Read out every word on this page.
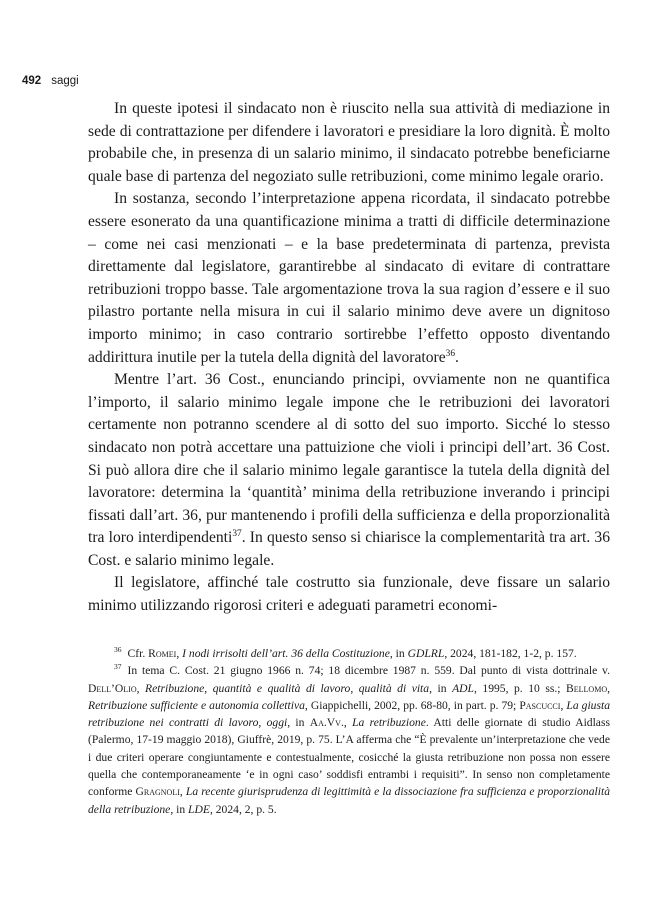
492 saggi

In queste ipotesi il sindacato non è riuscito nella sua attività di mediazione in sede di contrattazione per difendere i lavoratori e presidiare la loro dignità. È molto probabile che, in presenza di un salario minimo, il sindacato potrebbe beneficiarne quale base di partenza del negoziato sulle retribuzioni, come minimo legale orario.

In sostanza, secondo l’interpretazione appena ricordata, il sindacato potrebbe essere esonerato da una quantificazione minima a tratti di difficile determinazione – come nei casi menzionati – e la base predeterminata di partenza, prevista direttamente dal legislatore, garantirebbe al sindacato di evitare di contrattare retribuzioni troppo basse. Tale argomentazione trova la sua ragion d’essere e il suo pilastro portante nella misura in cui il salario minimo deve avere un dignitoso importo minimo; in caso contrario sortirebbe l’effetto opposto diventando addirittura inutile per la tutela della dignità del lavoratore$^{36}$.

Mentre l’art. 36 Cost., enunciando principi, ovviamente non ne quantifica l’importo, il salario minimo legale impone che le retribuzioni dei lavoratori certamente non potranno scendere al di sotto del suo importo. Sicché lo stesso sindacato non potrà accettare una pattuizione che violi i principi dell’art. 36 Cost. Si può allora dire che il salario minimo legale garantisce la tutela della dignità del lavoratore: determina la ‘quantità’ minima della retribuzione inverando i principi fissati dall’art. 36, pur mantenendo i profili della sufficienza e della proporzionalità tra loro interdipendenti$^{37}$. In questo senso si chiarisce la complementarità tra art. 36 Cost. e salario minimo legale.

Il legislatore, affinché tale costrutto sia funzionale, deve fissare un salario minimo utilizzando rigorosi criteri e adeguati parametri economi-

$^{36}$ Cfr. Romei, I nodi irrisolti dell’art. 36 della Costituzione, in GDLRL, 2024, 181-182, 1-2, p. 157.

$^{37}$ In tema C. Cost. 21 giugno 1966 n. 74; 18 dicembre 1987 n. 559. Dal punto di vista dottrinale v. Dell’Olio, Retribuzione, quantità e qualità di lavoro, qualità di vita, in ADL, 1995, p. 10 ss.; Bellomo, Retribuzione sufficiente e autonomia collettiva, Giappichelli, 2002, pp. 68-80, in part. p. 79; Pascucci, La giusta retribuzione nei contratti di lavoro, oggi, in Aa.Vv., La retribuzione. Atti delle giornate di studio Aidlass (Palermo, 17-19 maggio 2018), Giuffrè, 2019, p. 75. L’A afferma che “È prevalente un’interpretazione che vede i due criteri operare congiuntamente e contestualmente, cosicché la giusta retribuzione non possa non essere quella che contemporaneamente ‘e in ogni caso’ soddisfi entrambi i requisiti”. In senso non completamente conforme Gragnoli, La recente giurisprudenza di legittimità e la dissociazione fra sufficienza e proporzionalità della retribuzione, in LDE, 2024, 2, p. 5.
